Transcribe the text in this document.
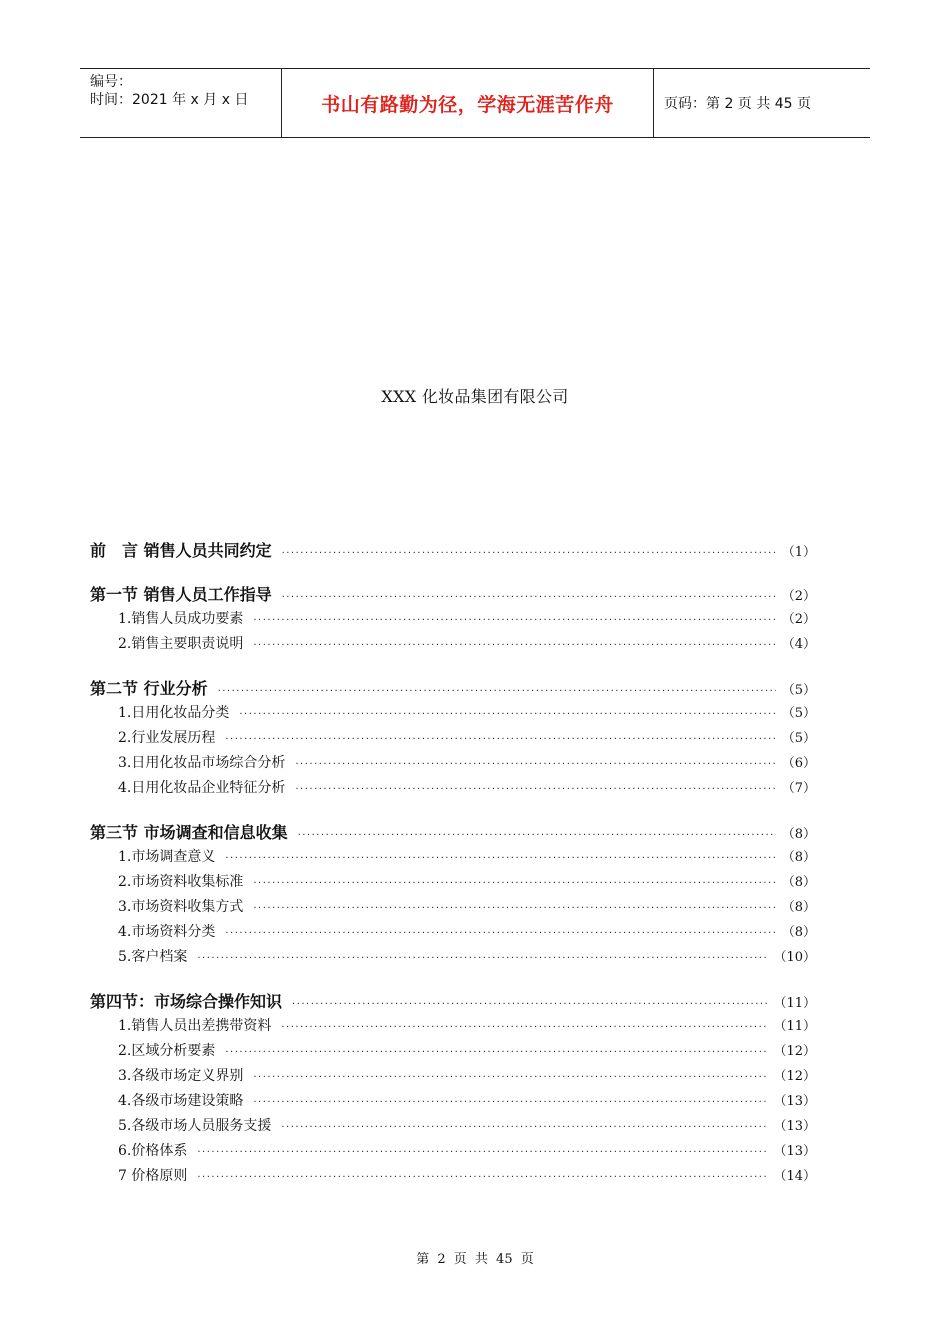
编号：
时间：2021 年 x 月 x 日	书山有路勤为径，学海无涯苦作舟	页码：第 2 页 共 45 页
XXX 化妆品集团有限公司
前　言 销售人员共同约定 ·····	（1）
第一节 销售人员工作指导 ·····	（2）
1.销售人员成功要素 ·····	（2）
2.销售主要职责说明 ·····	（4）
第二节 行业分析 ·····	（5）
1.日用化妆品分类 ·····	（5）
2.行业发展历程 ·····	（5）
3.日用化妆品市场综合分析 ·····	（6）
4.日用化妆品企业特征分析 ·····	（7）
第三节 市场调查和信息收集 ·····	（8）
1.市场调查意义 ·····	（8）
2.市场资料收集标准 ·····	（8）
3.市场资料收集方式 ·····	（8）
4.市场资料分类 ·····	（8）
5.客户档案 ·····	（10）
第四节：市场综合操作知识 ·····	（11）
1.销售人员出差携带资料 ·····	（11）
2.区域分析要素 ·····	（12）
3.各级市场定义界别 ·····	（12）
4.各级市场建设策略 ·····	（13）
5.各级市场人员服务支援 ·····	（13）
6.价格体系 ·····	（13）
7 价格原则 ·····	（14）
第 2 页 共 45 页
